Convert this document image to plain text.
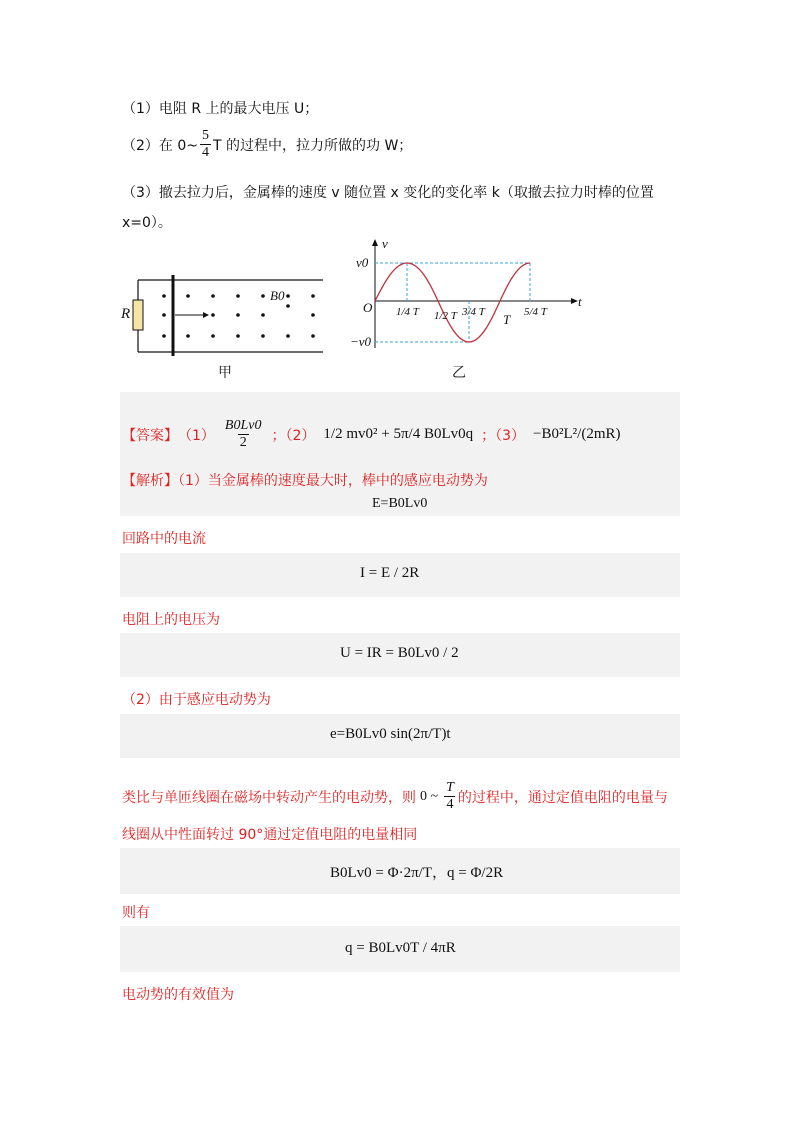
（1）电阻 R 上的最大电压 U；
（2）在 0~ $\frac{5}{4}$ T 的过程中，拉力所做的功 W；
（3）撤去拉力后，金属棒的速度 v 随位置 x 变化的变化率 k（取撤去拉力时棒的位置
x=0）。
R
B0
甲
v
t
O
v0
−v0
1/4 T 1/2 T 3/4 T T 5/4 T
乙
【答案】 $(1) \frac{B0Lv0}{2}$ ；（2） 1/2 mv0² + 5π/4 B0Lv0q ；（3） −B0²L²/(2mR)
【解析】（1）当金属棒的速度最大时，棒中的感应电动势为
E=B0Lv0
回路中的电流
I = E / 2R
电阻上的电压为
U = IR = B0Lv0 / 2
（2）由于感应电动势为
e=B0Lv0 sin(2π/T)t
类比与单匝线圈在磁场中转动产生的电动势，则 0 ~ $\frac{T}{4}$ 的过程中，通过定值电阻的电量与
线圈从中性面转过 90°通过定值电阻的电量相同
B0Lv0 = Φ·2π/T，q = Φ/2R
则有
q = B0Lv0T / 4πR
电动势的有效值为
